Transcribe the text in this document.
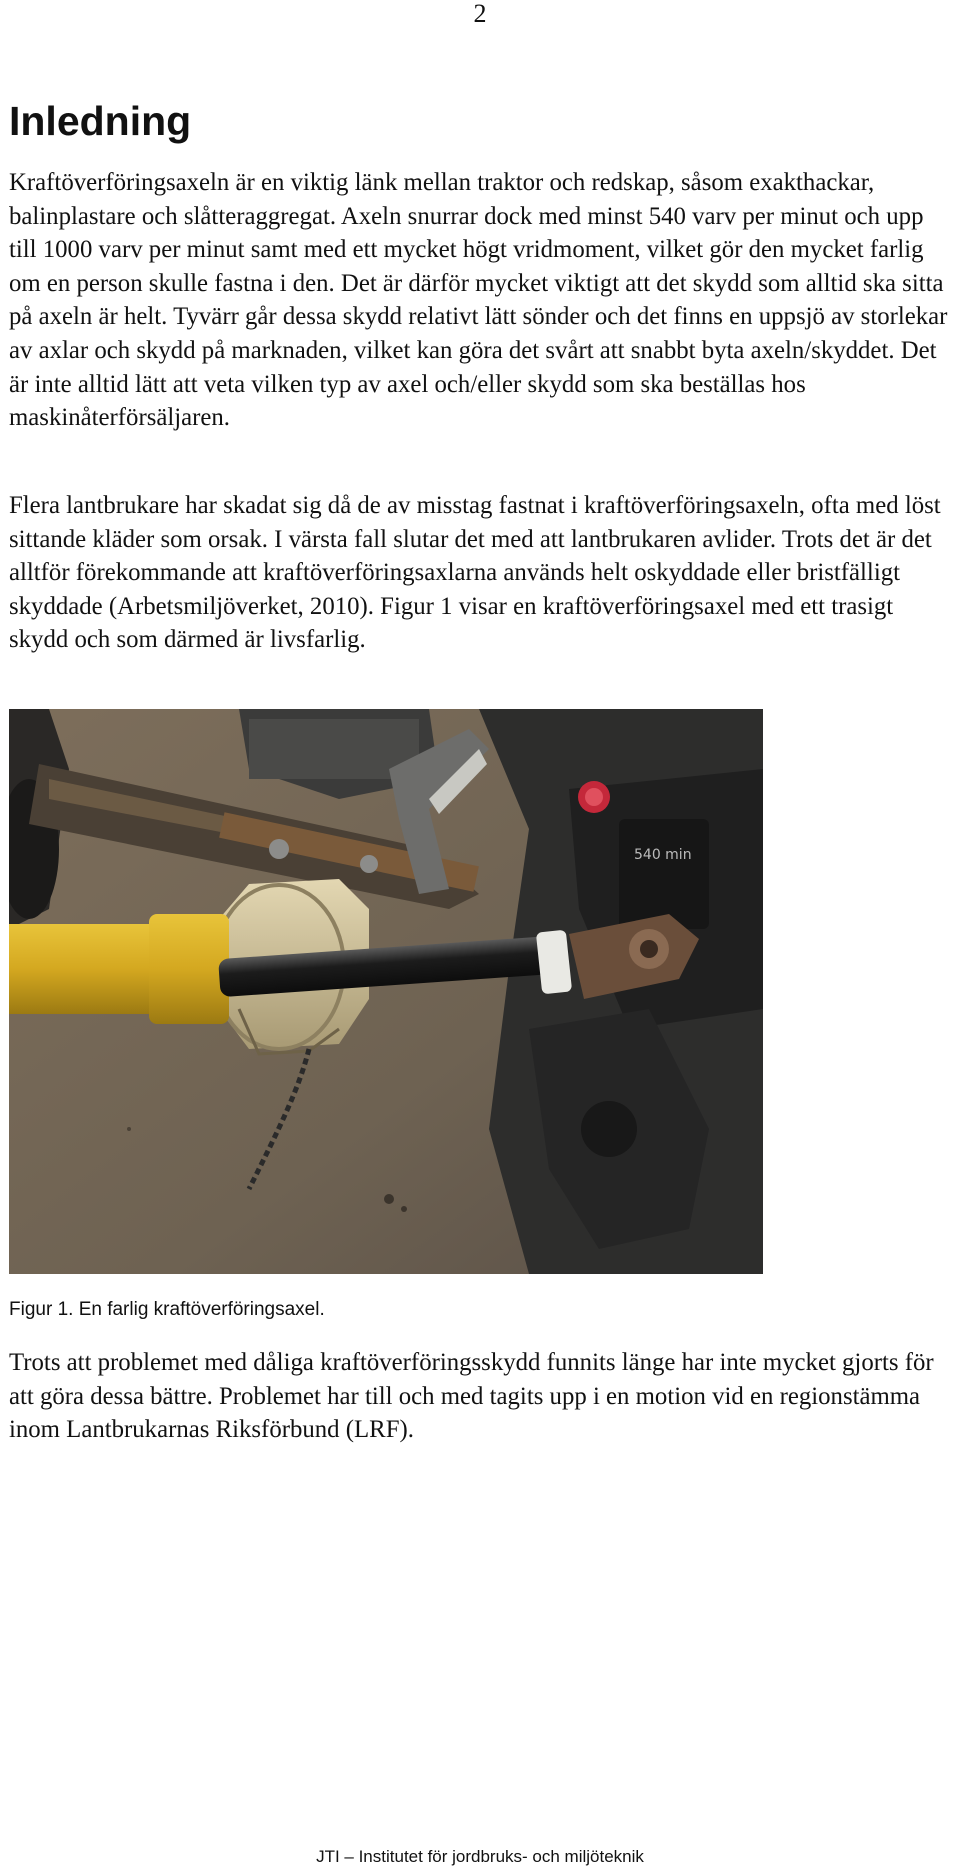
2
Inledning

Kraftöverföringsaxeln är en viktig länk mellan traktor och redskap, såsom exakthackar, balinplastare och slåtteraggregat. Axeln snurrar dock med minst 540 varv per minut och upp till 1000 varv per minut samt med ett mycket högt vridmoment, vilket gör den mycket farlig om en person skulle fastna i den. Det är därför mycket viktigt att det skydd som alltid ska sitta på axeln är helt. Tyvärr går dessa skydd relativt lätt sönder och det finns en uppsjö av storlekar av axlar och skydd på marknaden, vilket kan göra det svårt att snabbt byta axeln/skyddet. Det är inte alltid lätt att veta vilken typ av axel och/eller skydd som ska beställas hos maskinåterförsäljaren.

Flera lantbrukare har skadat sig då de av misstag fastnat i kraftöverföringsaxeln, ofta med löst sittande kläder som orsak. I värsta fall slutar det med att lantbrukaren avlider. Trots det är det alltför förekommande att kraftöverföringsaxlarna används helt oskyddade eller bristfälligt skyddade (Arbetsmiljöverket, 2010). Figur 1 visar en kraftöverföringsaxel med ett trasigt skydd och som därmed är livsfarlig.

540 min

Figur 1. En farlig kraftöverföringsaxel.

Trots att problemet med dåliga kraftöverföringsskydd funnits länge har inte mycket gjorts för att göra dessa bättre. Problemet har till och med tagits upp i en motion vid en regionstämma inom Lantbrukarnas Riksförbund (LRF).

JTI – Institutet för jordbruks- och miljöteknik
